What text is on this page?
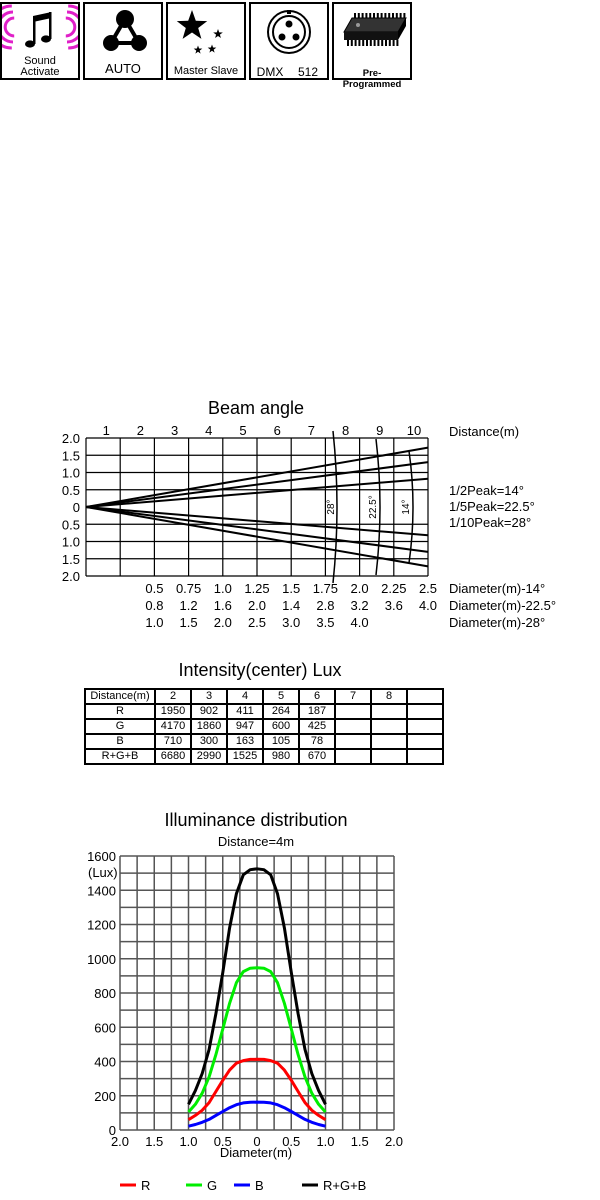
Sound
Activate	AUTO	Master Slave	DMX	512	Pre-Programmed
Beam angle
1 2 3 4 5 6 7 8 9 10 Distance(m)
2.0
1.5
1.0
0.5
0
0.5
1.0
1.5
2.0
14°
22.5°
28°
1/2Peak=14°
1/5Peak=22.5°
1/10Peak=28°
0.5 0.75 1.0 1.25 1.5 1.75 2.0 2.25 2.5 Diameter(m)-14°
0.8 1.2 1.6 2.0 1.4 2.8 3.2 3.6 4.0 Diameter(m)-22.5°
1.0 1.5 2.0 2.5 3.0 3.5 4.0	Diameter(m)-28°
Intensity(center) Lux
Distance(m)	2	3	4	5	6	7	8	
R	1950	902	411	264	187			
G	4170	1860	947	600	425			
B	710	300	163	105	78			
R+G+B	6680	2990	1525	980	670			
Illuminance distribution
Distance=4m
0
200
400
600
800
1000
1200
1400
1600
(Lux)
2.0 1.5 1.0 0.5 0 0.5 1.0 1.5 2.0
Diameter(m)
R	G	B	R+G+B
